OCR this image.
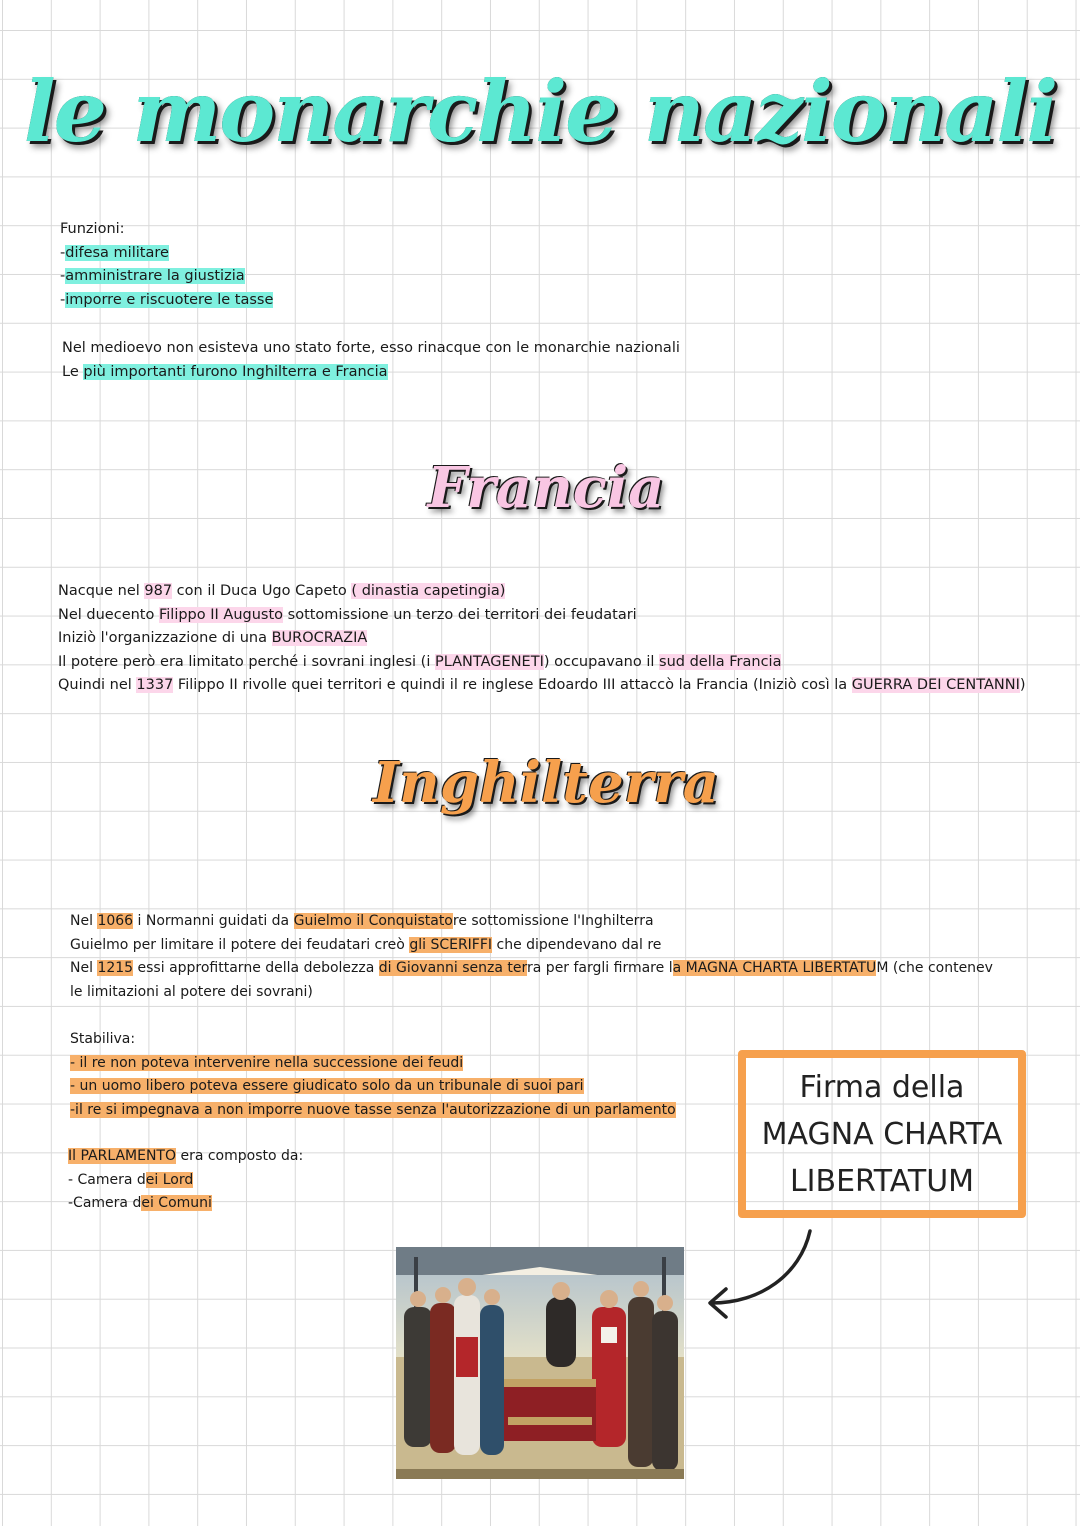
le monarchie nazionali
Funzioni:
-difesa militare
-amministrare la giustizia
-imporre e riscuotere le tasse
Nel medioevo non esisteva uno stato forte, esso rinacque con le monarchie nazionali
Le più importanti furono Inghilterra e Francia
Francia
Nacque nel 987 con il Duca Ugo Capeto ( dinastia capetingia)
Nel duecento Filippo II Augusto sottomissione un terzo dei territori dei feudatari
Iniziò l'organizzazione di una BUROCRAZIA
Il potere però era limitato perché i sovrani inglesi (i PLANTAGENETI) occupavano il sud della Francia
Quindi nel 1337 Filippo II rivolle quei territori e quindi il re inglese Edoardo III attaccò la Francia (Iniziò così la GUERRA DEI CENTANNI)
Inghilterra
Nel 1066 i Normanni guidati da Guielmo il Conquistatore sottomissione l'Inghilterra
Guielmo per limitare il potere dei feudatari creò gli SCERIFFI che dipendevano dal re
Nel 1215 essi approfittarne della debolezza di Giovanni senza terra per fargli firmare la MAGNA CHARTA LIBERTATUM (che contenev
le limitazioni al potere dei sovrani)
Stabiliva:
- il re non poteva intervenire nella successione dei feudi
- un uomo libero poteva essere giudicato solo da un tribunale di suoi pari
-il re si impegnava a non imporre nuove tasse senza l'autorizzazione di un parlamento
Il PARLAMENTO era composto da:
- Camera dei Lord
-Camera dei Comuni
Firma della
MAGNA CHARTA
LIBERTATUM
